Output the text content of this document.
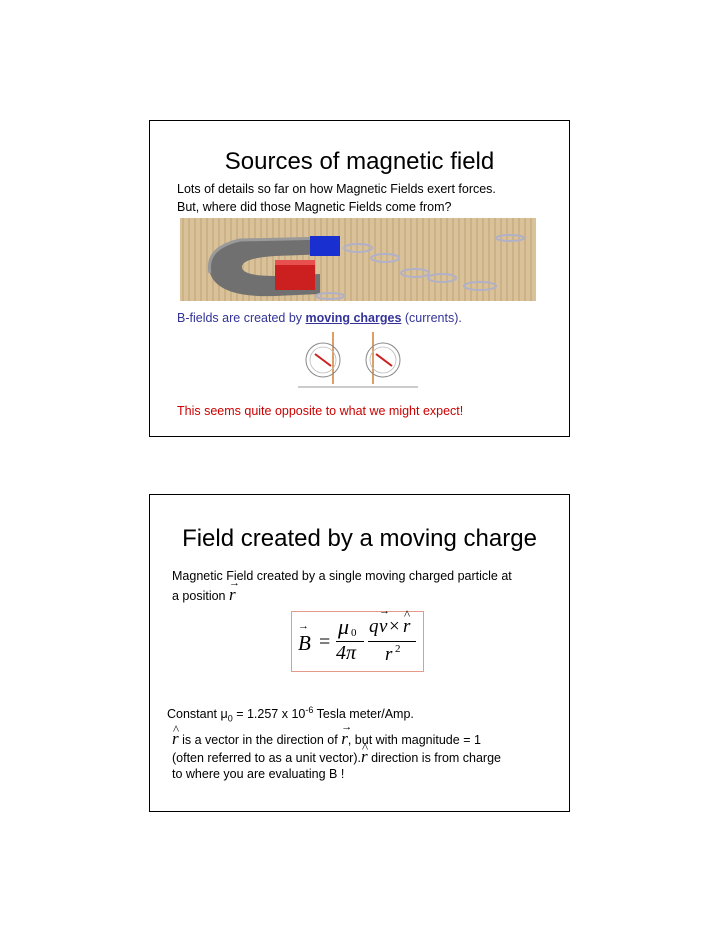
Sources of magnetic field
Lots of details so far on how Magnetic Fields exert forces.
But, where did those Magnetic Fields come from?
B-fields are created by moving charges (currents).
This seems quite opposite to what we might expect!
Field created by a moving charge
Magnetic Field created by a single moving charged particle at
a position r →
B → =
μ 0
4π
q v → × r ^
r 2
Constant $\mu_0 = 1.257$ x $10^{-6}$ Tesla meter/Amp.
r ^ is a vector in the direction of r →, but with magnitude = 1
(often referred to as a unit vector).r ^ direction is from charge
to where you are evaluating B !
